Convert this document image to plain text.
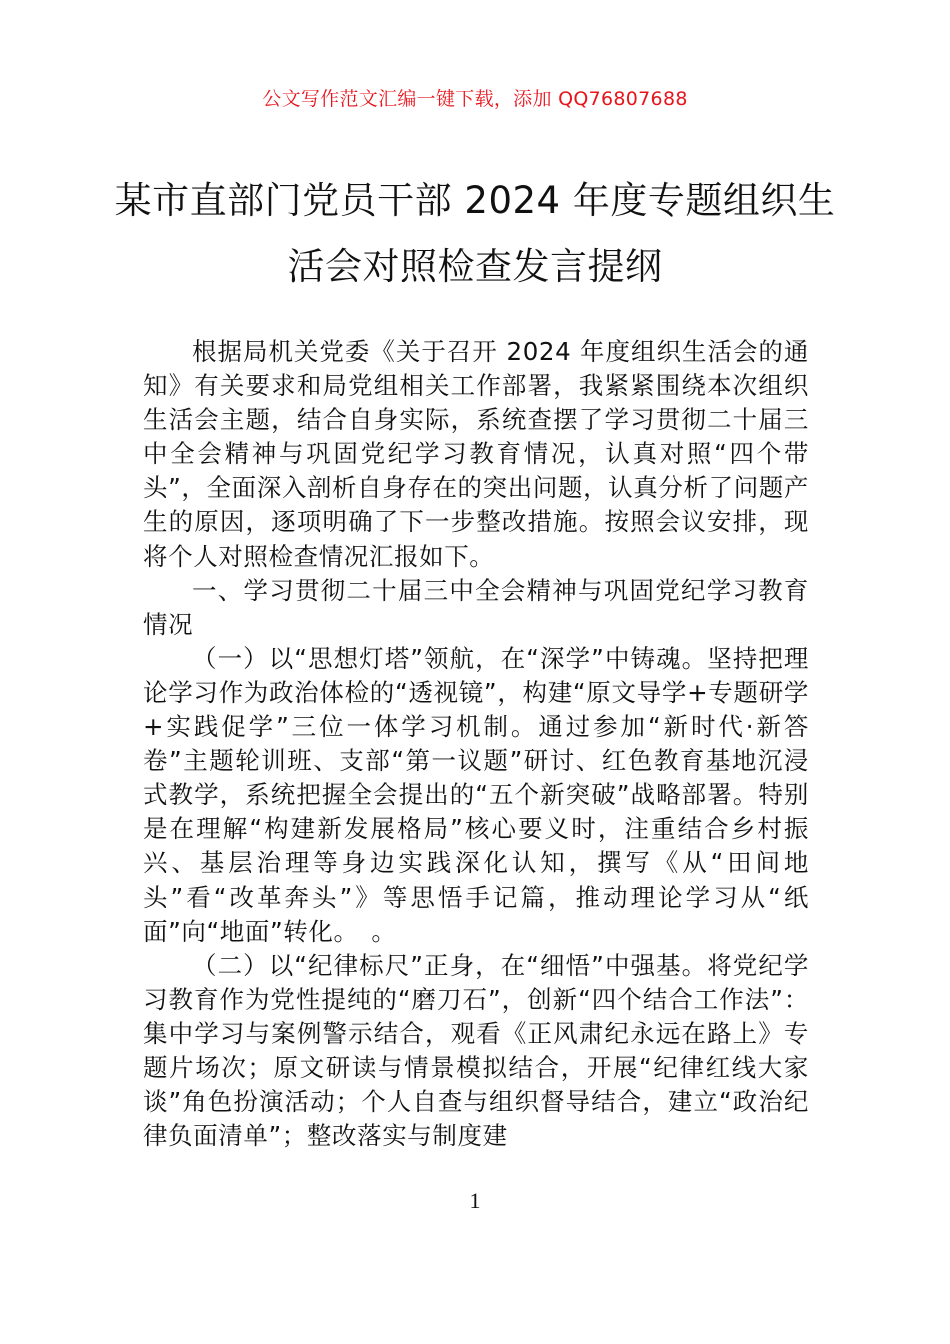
公文写作范文汇编一键下载，添加 QQ76807688
某市直部门党员干部 2024 年度专题组织生
活会对照检查发言提纲

根据局机关党委《关于召开 2024 年度组织生活会的通知》有关要求和局党组相关工作部署，我紧紧围绕本次组织生活会主题，结合自身实际，系统查摆了学习贯彻二十届三中全会精神与巩固党纪学习教育情况，认真对照“四个带头”，全面深入剖析自身存在的突出问题，认真分析了问题产生的原因，逐项明确了下一步整改措施。按照会议安排，现将个人对照检查情况汇报如下。

一、学习贯彻二十届三中全会精神与巩固党纪学习教育情况

（一）以“思想灯塔”领航，在“深学”中铸魂。坚持把理论学习作为政治体检的“透视镜”，构建“原文导学+专题研学+实践促学”三位一体学习机制。通过参加“新时代·新答卷”主题轮训班、支部“第一议题”研讨、红色教育基地沉浸式教学，系统把握全会提出的“五个新突破”战略部署。特别是在理解“构建新发展格局”核心要义时，注重结合乡村振兴、基层治理等身边实践深化认知，撰写《从“田间地头”看“改革奔头”》等思悟手记篇，推动理论学习从“纸面”向“地面”转化。　。

（二）以“纪律标尺”正身，在“细悟”中强基。将党纪学习教育作为党性提纯的“磨刀石”，创新“四个结合工作法”：集中学习与案例警示结合，观看《正风肃纪永远在路上》专题片场次；原文研读与情景模拟结合，开展“纪律红线大家谈”角色扮演活动；个人自查与组织督导结合，建立“政治纪律负面清单”；整改落实与制度建

1
